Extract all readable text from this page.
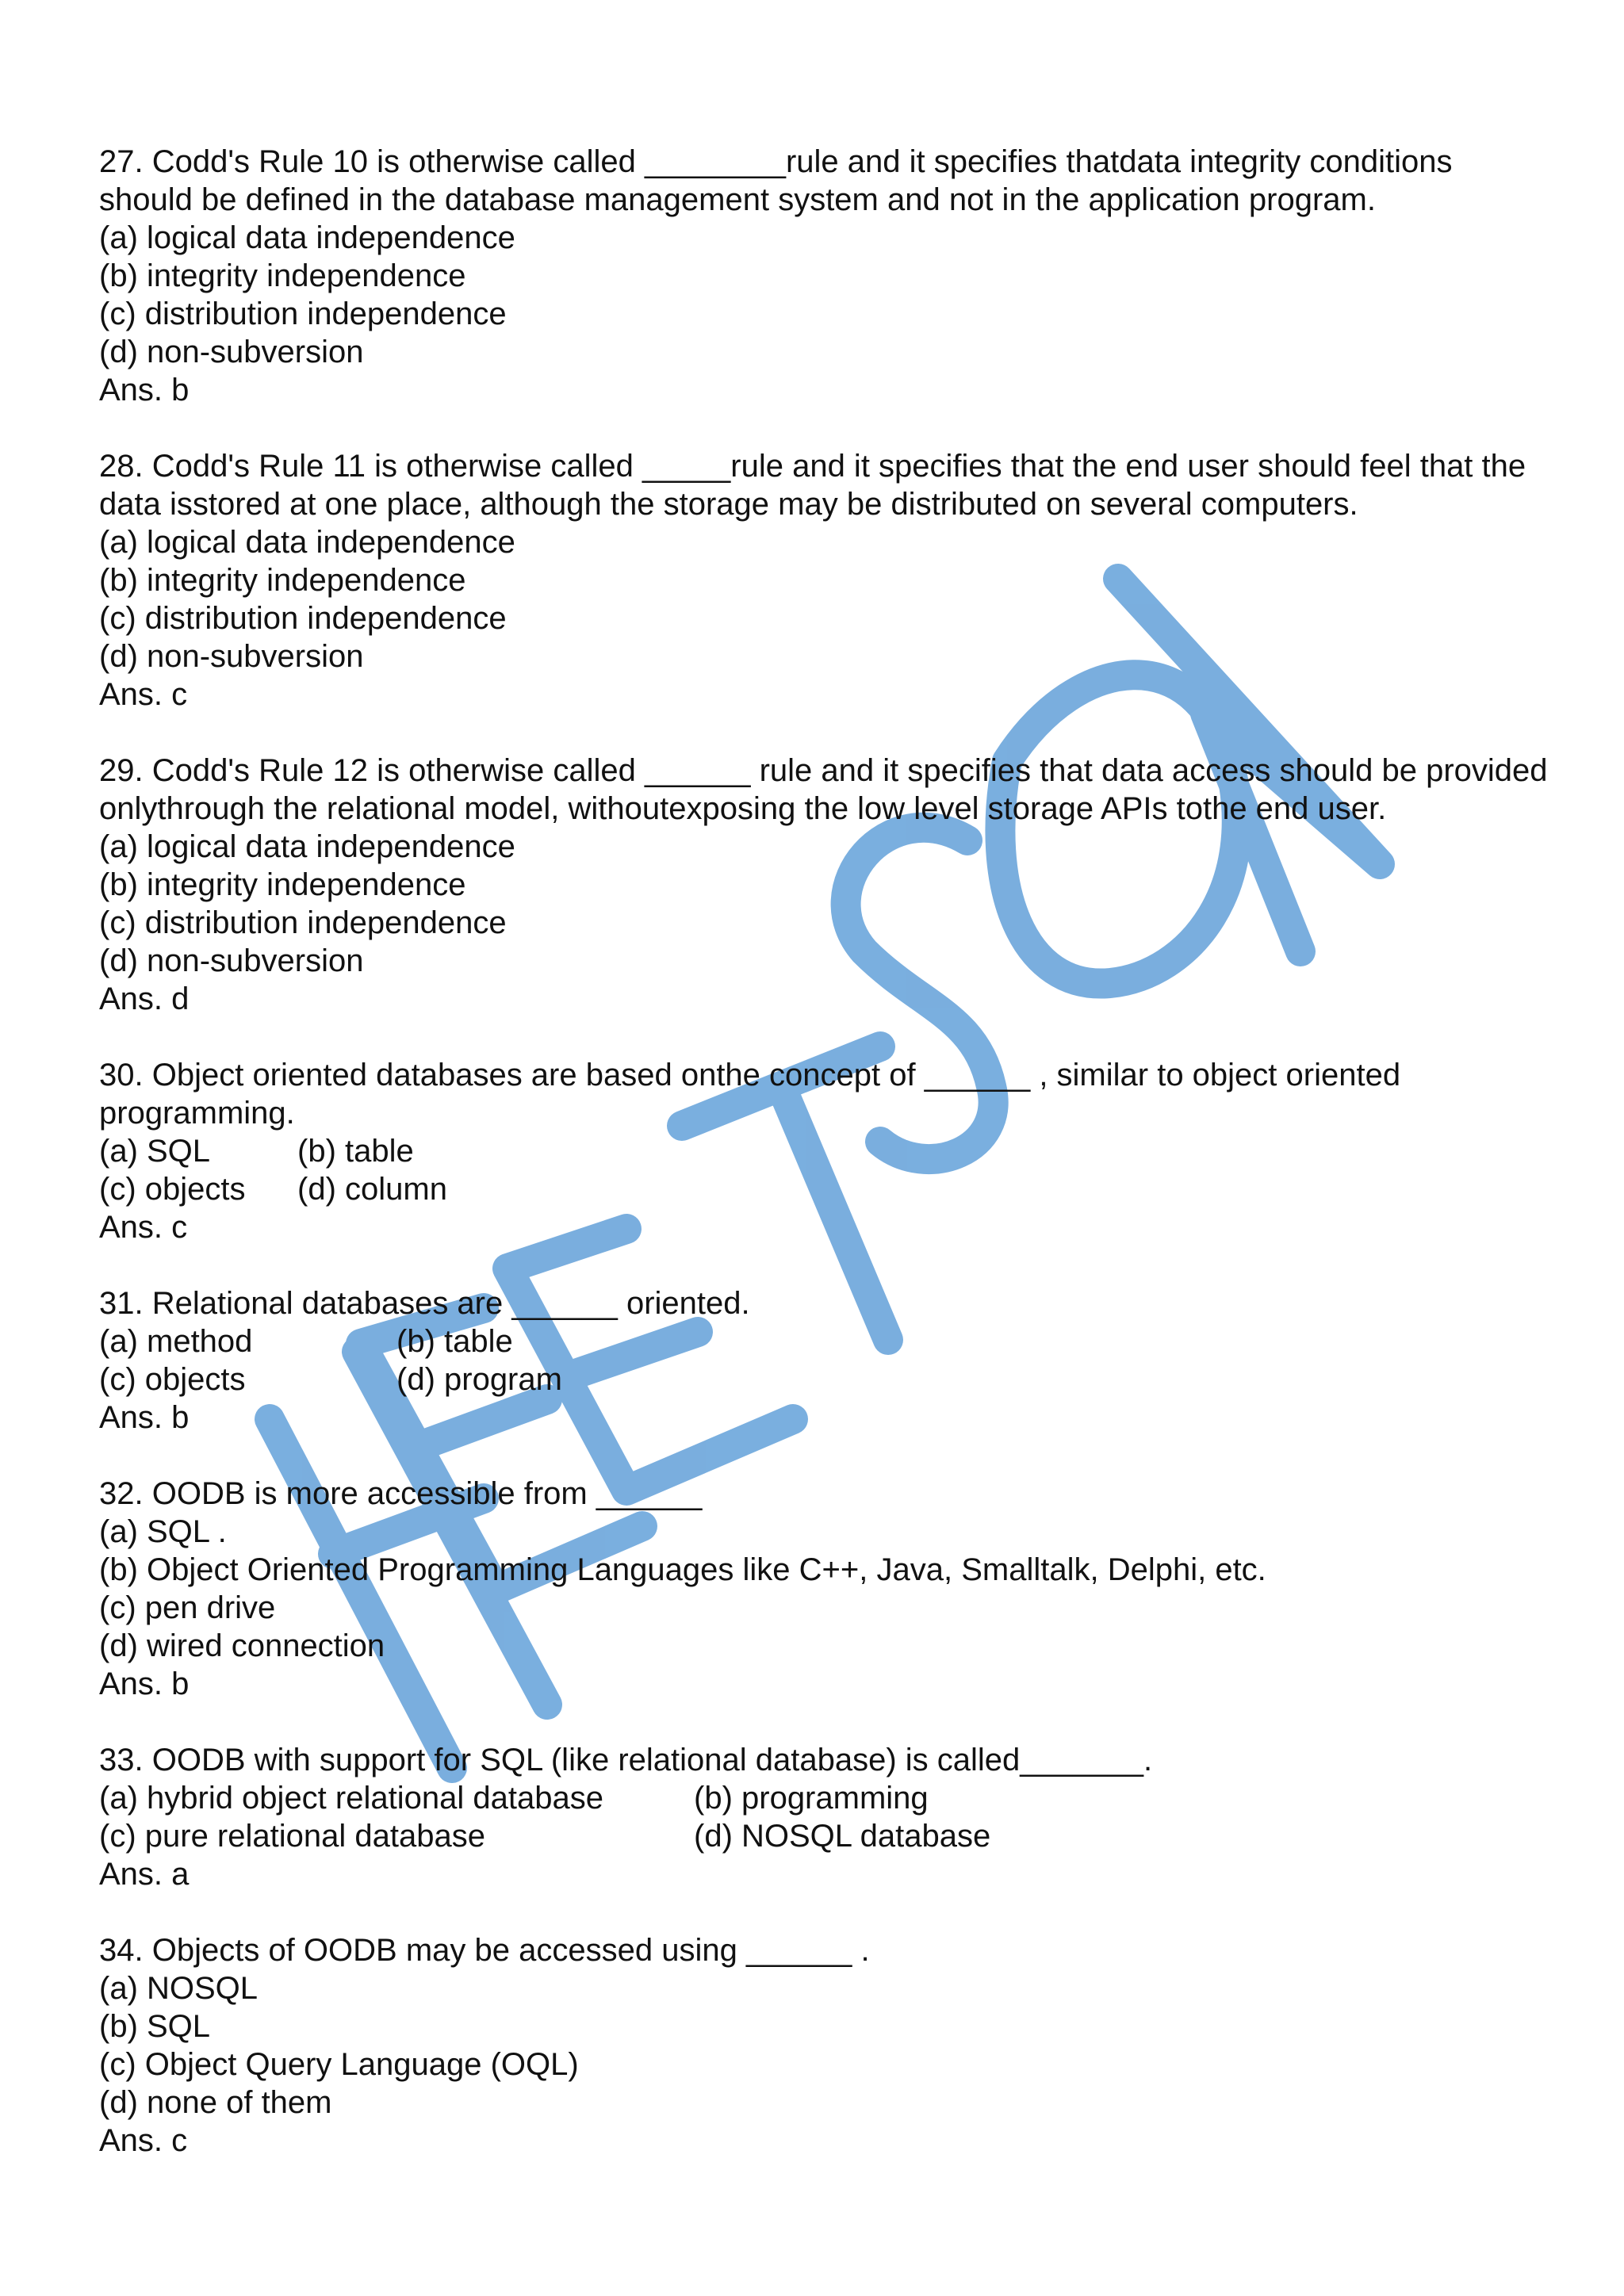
27. Codd's Rule 10 is otherwise called ________rule and it specifies thatdata integrity conditions should be defined in the database management system and not in the application program.

(a) logical data independence
(b) integrity independence
(c) distribution independence
(d) non-subversion

Ans. b

28. Codd's Rule 11 is otherwise called _____rule and it specifies that the end user should feel that the data isstored at one place, although the storage may be distributed on several computers.

(a) logical data independence
(b) integrity independence
(c) distribution independence
(d) non-subversion

Ans. c

29. Codd's Rule 12 is otherwise called ______ rule and it specifies that data access should be provided onlythrough the relational model, withoutexposing the low level storage APIs tothe end user.

(a) logical data independence
(b) integrity independence
(c) distribution independence
(d) non-subversion

Ans. d

30. Object oriented databases are based onthe concept of ______ , similar to object oriented programming.

(a) SQL	(b) table
(c) objects	(d) column

Ans. c

31. Relational databases are ______ oriented.

(a) method	(b) table
(c) objects	(d) program

Ans. b

32. OODB is more accessible from ______

(a) SQL .
(b) Object Oriented Programming Languages like C++, Java, Smalltalk, Delphi, etc.
(c) pen drive
(d) wired connection

Ans. b

33. OODB with support for SQL (like relational database) is called_______.

(a) hybrid object relational database	(b) programming
(c) pure relational database	(d) NOSQL database

Ans. a

34. Objects of OODB may be accessed using ______ .

(a) NOSQL
(b) SQL
(c) Object Query Language (OQL)
(d) none of them

Ans. c
